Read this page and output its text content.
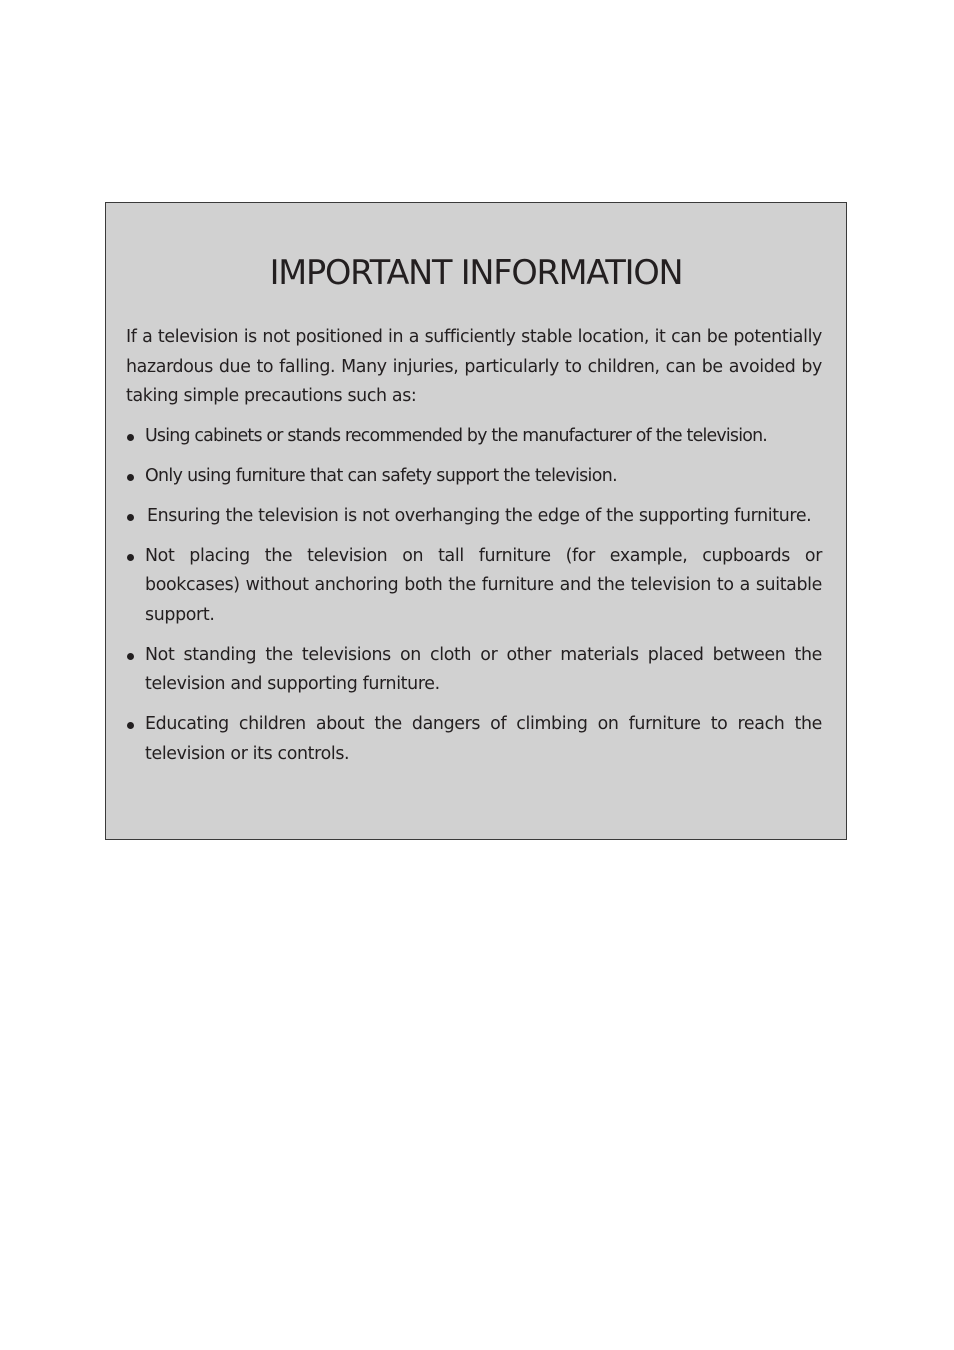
IMPORTANT INFORMATION

If a television is not positioned in a sufficiently stable location, it can be potentially hazardous due to falling. Many injuries, particularly to children, can be avoided by taking simple precautions such as:

Using cabinets or stands recommended by the manufacturer of the television.
Only using furniture that can safety support the television.
Ensuring the television is not overhanging the edge of the supporting furniture.
Not placing the television on tall furniture (for example, cupboards or bookcases) without anchoring both the furniture and the television to a suitable support.
Not standing the televisions on cloth or other materials placed between the television and supporting furniture.
Educating children about the dangers of climbing on furniture to reach the television or its controls.
